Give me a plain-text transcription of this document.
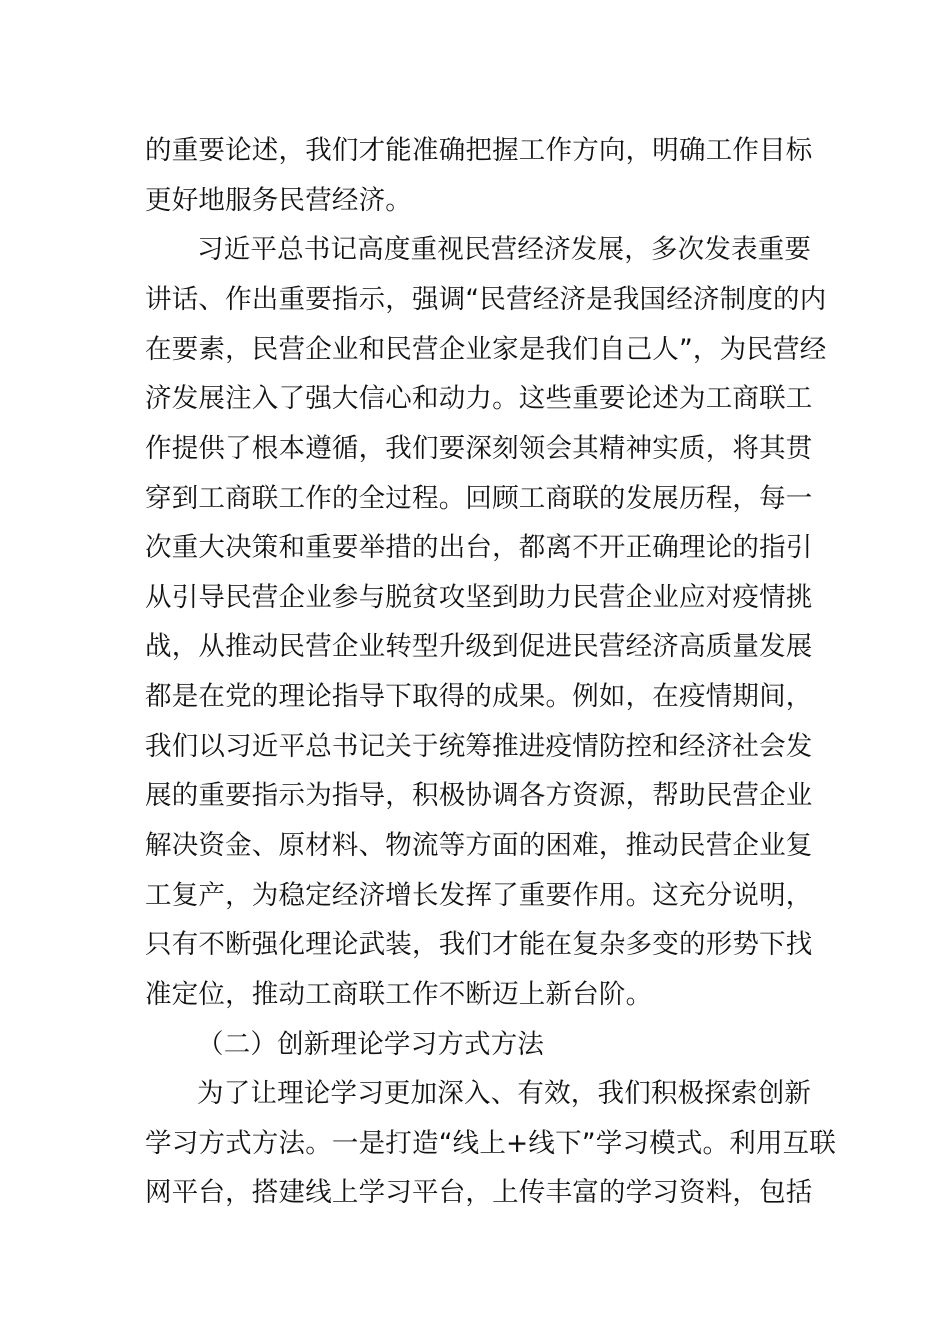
的重要论述，我们才能准确把握工作方向，明确工作目标
更好地服务民营经济。
习近平总书记高度重视民营经济发展，多次发表重要
讲话、作出重要指示，强调“民营经济是我国经济制度的内
在要素，民营企业和民营企业家是我们自己人”，为民营经
济发展注入了强大信心和动力。这些重要论述为工商联工
作提供了根本遵循，我们要深刻领会其精神实质，将其贯
穿到工商联工作的全过程。回顾工商联的发展历程，每一
次重大决策和重要举措的出台，都离不开正确理论的指引
从引导民营企业参与脱贫攻坚到助力民营企业应对疫情挑
战，从推动民营企业转型升级到促进民营经济高质量发展
都是在党的理论指导下取得的成果。例如，在疫情期间，
我们以习近平总书记关于统筹推进疫情防控和经济社会发
展的重要指示为指导，积极协调各方资源，帮助民营企业
解决资金、原材料、物流等方面的困难，推动民营企业复
工复产，为稳定经济增长发挥了重要作用。这充分说明，
只有不断强化理论武装，我们才能在复杂多变的形势下找
准定位，推动工商联工作不断迈上新台阶。
（二）创新理论学习方式方法
为了让理论学习更加深入、有效，我们积极探索创新
学习方式方法。一是打造“线上+线下”学习模式。利用互联
网平台，搭建线上学习平台，上传丰富的学习资料，包括
